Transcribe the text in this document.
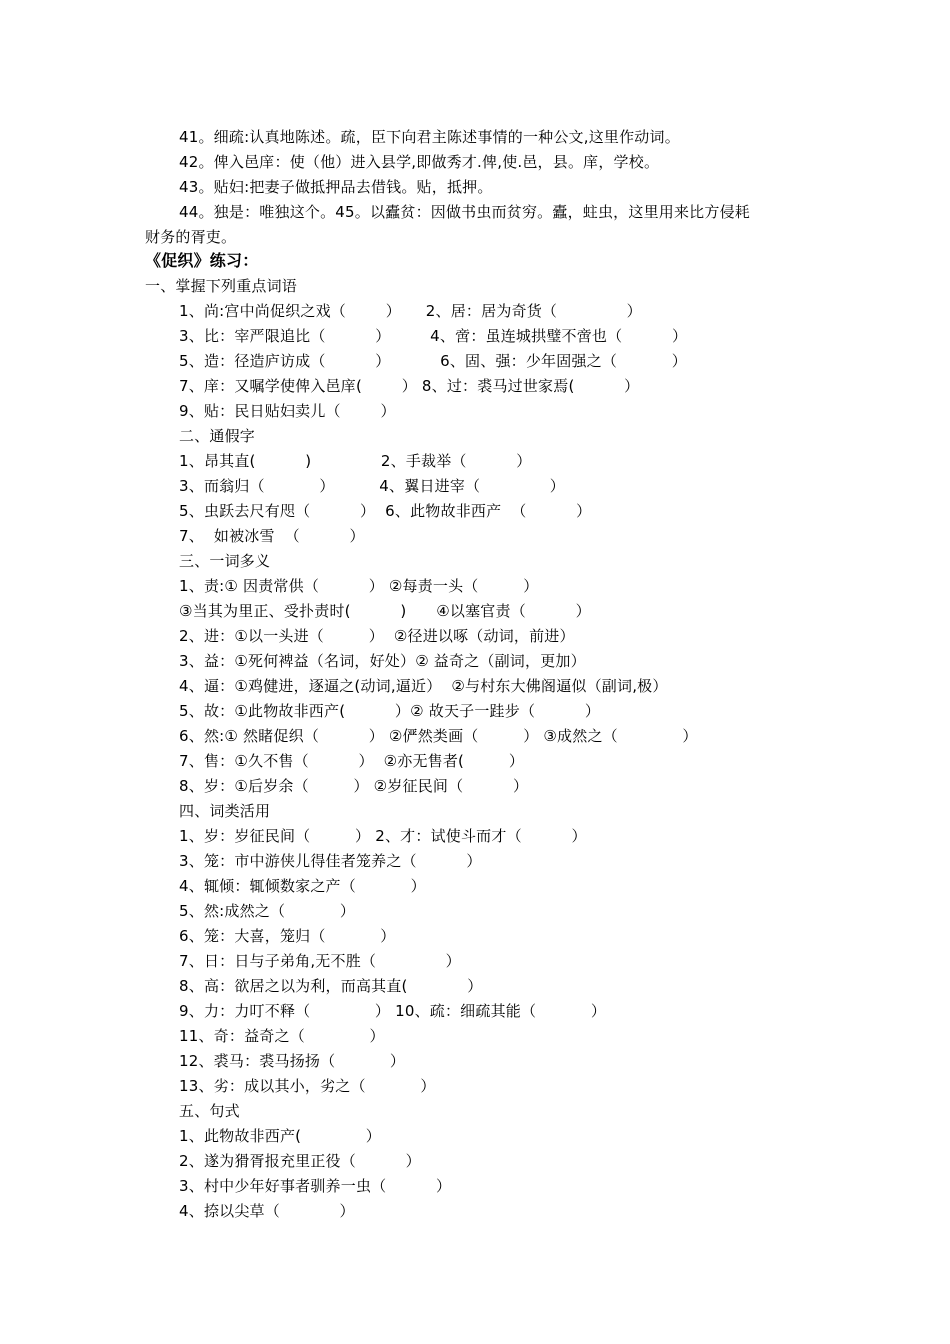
41。细疏:认真地陈述。疏，臣下向君主陈述事情的一种公文,这里作动词。
42。俾入邑庠：使（他）进入县学,即做秀才.俾,使.邑，县。庠，学校。
43。贴妇:把妻子做抵押品去借钱。贴，抵押。
44。独是：唯独这个。45。以蠹贫：因做书虫而贫穷。蠹，蛀虫，这里用来比方侵耗
财务的胥吏。
《促织》练习：
一、掌握下列重点词语
1、尚:宫中尚促织之戏（        ）     2、居：居为奇货（              ）
3、比：宰严限追比（          ）        4、啻：虽连城拱璧不啻也（          ）
5、造：径造庐访成（          ）          6、固、强：少年固强之（           ）
7、庠：又嘱学使俾入邑庠(        ） 8、过：裘马过世家焉(          ）
9、贴：民日贴妇卖儿（        ）
二、通假字
1、昂其直(          )              2、手裁举（          ）
3、而翁归（           ）         4、翼日进宰（              ）
5、虫跃去尺有咫（          ）  6、此物故非西产  （          ）
7、  如被冰雪  （          ）
三、一词多义
1、责:① 因责常供（          ） ②每责一头（         ）
③当其为里正、受扑责时(          )      ④以塞官责（          ）
2、进：①以一头进（         ）  ②径进以啄（动词，前进）
3、益：①死何裨益（名词，好处）② 益奇之（副词，更加）
4、逼：①鸡健进，逐逼之(动词,逼近）  ②与村东大佛阁逼似（副词,极）
5、故：①此物故非西产(          ）② 故天子一跬步（          ）
6、然:① 然睹促织（          ） ②俨然类画（         ） ③成然之（             ）
7、售：①久不售（          ）  ②亦无售者(         ）
8、岁：①后岁余（         ） ②岁征民间（          ）
四、词类活用
1、岁：岁征民间（         ） 2、才：试使斗而才（          ）
3、笼：市中游侠儿得佳者笼养之（          ）
4、辄倾：辄倾数家之产（           ）
5、然:成然之（           ）
6、笼：大喜，笼归（           ）
7、日：日与子弟角,无不胜（              ）
8、高：欲居之以为利，而高其直(            ）
9、力：力叮不释（             ） 10、疏：细疏其能（           ）
11、奇：益奇之（             ）
12、裘马：裘马扬扬（           ）
13、劣：成以其小，劣之（           ）
五、句式
1、此物故非西产(             ）
2、遂为猾胥报充里正役（          ）
3、村中少年好事者驯养一虫（          ）
4、捺以尖草（            ）
